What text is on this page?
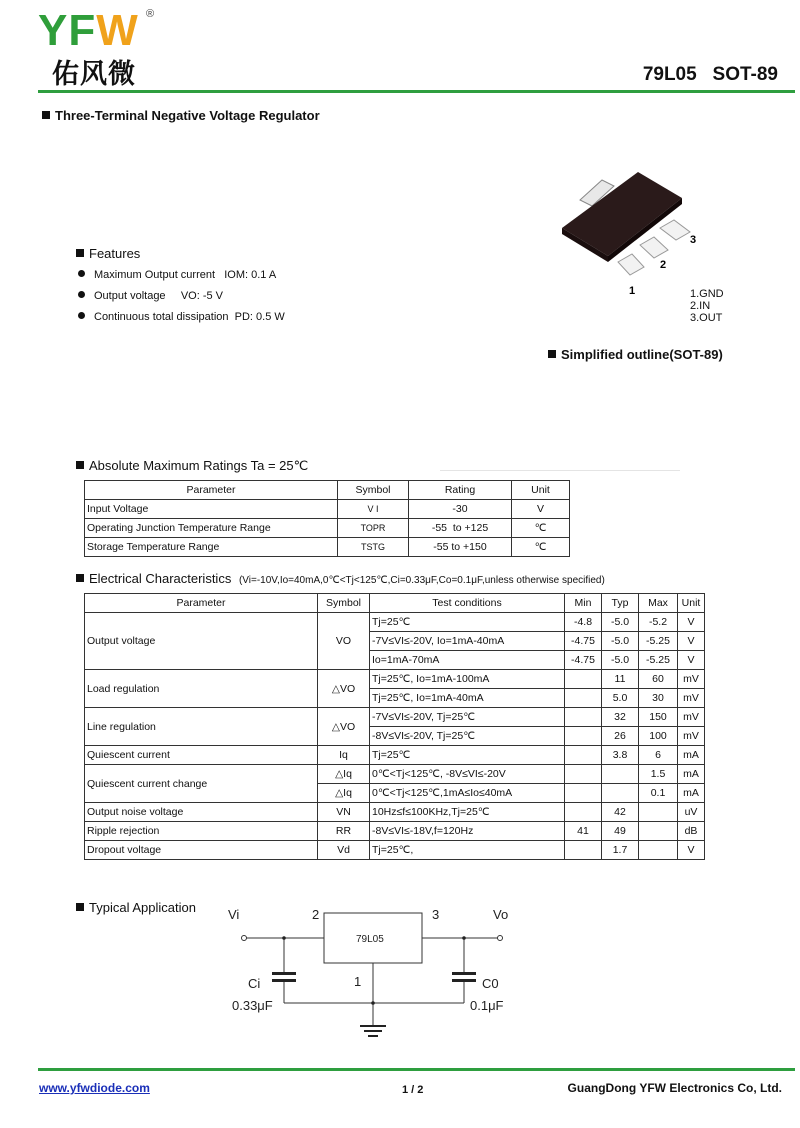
YFW ®
佑风微	79L05   SOT-89
Three-Terminal Negative Voltage Regulator
Features
Maximum Output current   IOM: 0.1 A
Output voltage     VO: -5 V
Continuous total dissipation  PD: 0.5 W
3
2
1	1.GND
2.IN
3.OUT
Simplified outline(SOT-89)
Absolute Maximum Ratings Ta = 25℃
Parameter	Symbol	Rating	Unit
Input Voltage	V I	-30	V
Operating Junction Temperature Range	TOPR	-55  to +125	℃
Storage Temperature Range	TSTG	-55 to +150	℃
Electrical Characteristics (Vi=-10V,Io=40mA,0℃<Tj<125℃,Ci=0.33μF,Co=0.1μF,unless otherwise specified)
Parameter	Symbol	Test conditions	Min	Typ	Max	Unit
Output voltage	VO	Tj=25℃	-4.8	-5.0	-5.2	V
		-7V≤VI≤-20V, Io=1mA-40mA	-4.75	-5.0	-5.25	V
		Io=1mA-70mA	-4.75	-5.0	-5.25	V
Load regulation	△VO	Tj=25℃, Io=1mA-100mA		11	60	mV
		Tj=25℃, Io=1mA-40mA		5.0	30	mV
Line regulation	△VO	-7V≤VI≤-20V, Tj=25℃		32	150	mV
		-8V≤VI≤-20V, Tj=25℃		26	100	mV
Quiescent current	Iq	Tj=25℃		3.8	6	mA
Quiescent current change	△Iq	0℃<Tj<125℃, -8V≤VI≤-20V			1.5	mA
	△Iq	0℃<Tj<125℃,1mA≤Io≤40mA			0.1	mA
Output noise voltage	VN	10Hz≤f≤100KHz,Tj=25℃		42		uV
Ripple rejection	RR	-8V≤VI≤-18V,f=120Hz	41	49		dB
Dropout voltage	Vd	Tj=25℃,		1.7		V
Typical Application Vi	Vo
2	3
1
Ci
0.33μF
C0
0.1μF
79L05
www.yfwdiode.com	1 / 2	GuangDong YFW Electronics Co, Ltd.
